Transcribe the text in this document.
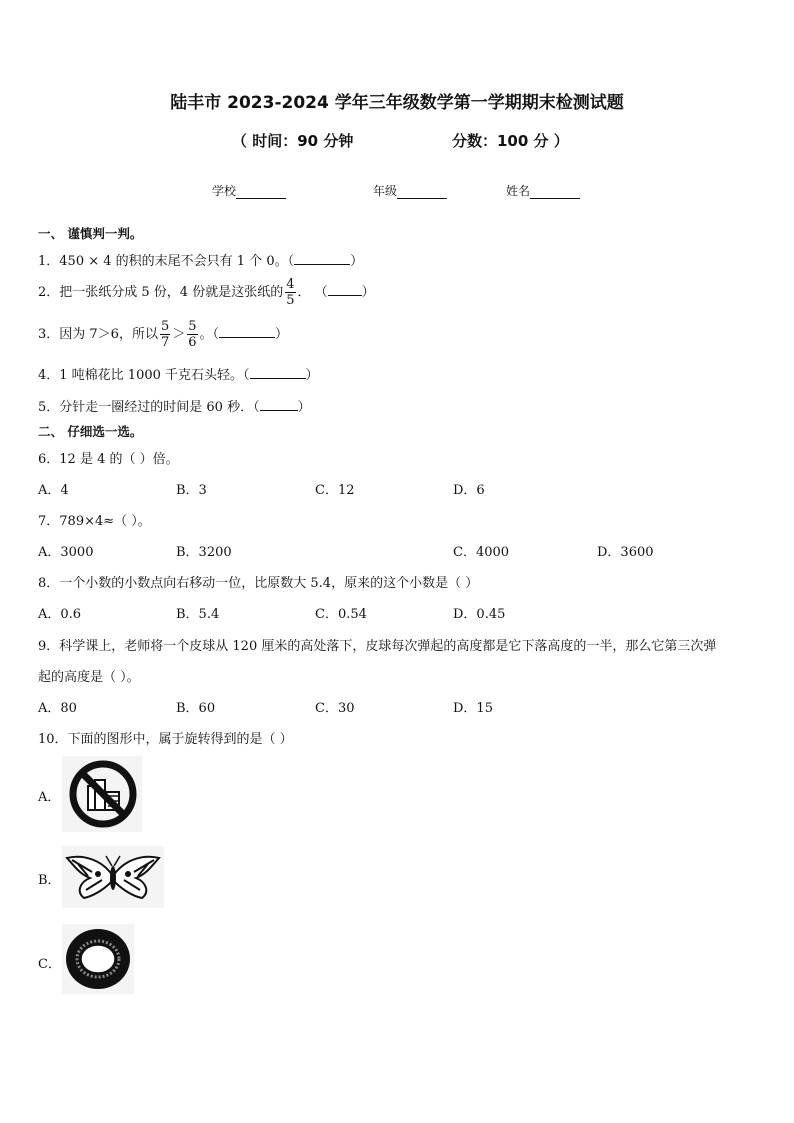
陆丰市 2023-2024 学年三年级数学第一学期期末检测试题
（ 时间：90 分钟	分数：100 分 ）
学校	年级	姓名
一、 谨慎判一判。
1．450 × 4 的积的末尾不会只有 1 个 0。（	）
2．把一张纸分成 5 份，4 份就是这张纸的 $\frac{4}{5}$ ． （	）
3．因为 7＞6，所以 $\frac{5}{7} > \frac{5}{6}$ 。（	）
4．1 吨棉花比 1000 千克石头轻。（	）
5．分针走一圈经过的时间是 60 秒．（	）
二、 仔细选一选。
6．12 是 4 的（ ）倍。
A．4	B．3	C．12	D．6
7．789×4≈（ ）。
A．3000	B．3200	C．4000	D．3600
8．一个小数的小数点向右移动一位，比原数大 5.4，原来的这个小数是（ ）
A．0.6	B．5.4	C．0.54	D．0.45
9．科学课上，老师将一个皮球从 120 厘米的高处落下，皮球每次弹起的高度都是它下落高度的一半，那么它第三次弹
起的高度是（ ）。
A．80	B．60	C．30	D．15
10．下面的图形中，属于旋转得到的是（ ）
A．
B．
C．
